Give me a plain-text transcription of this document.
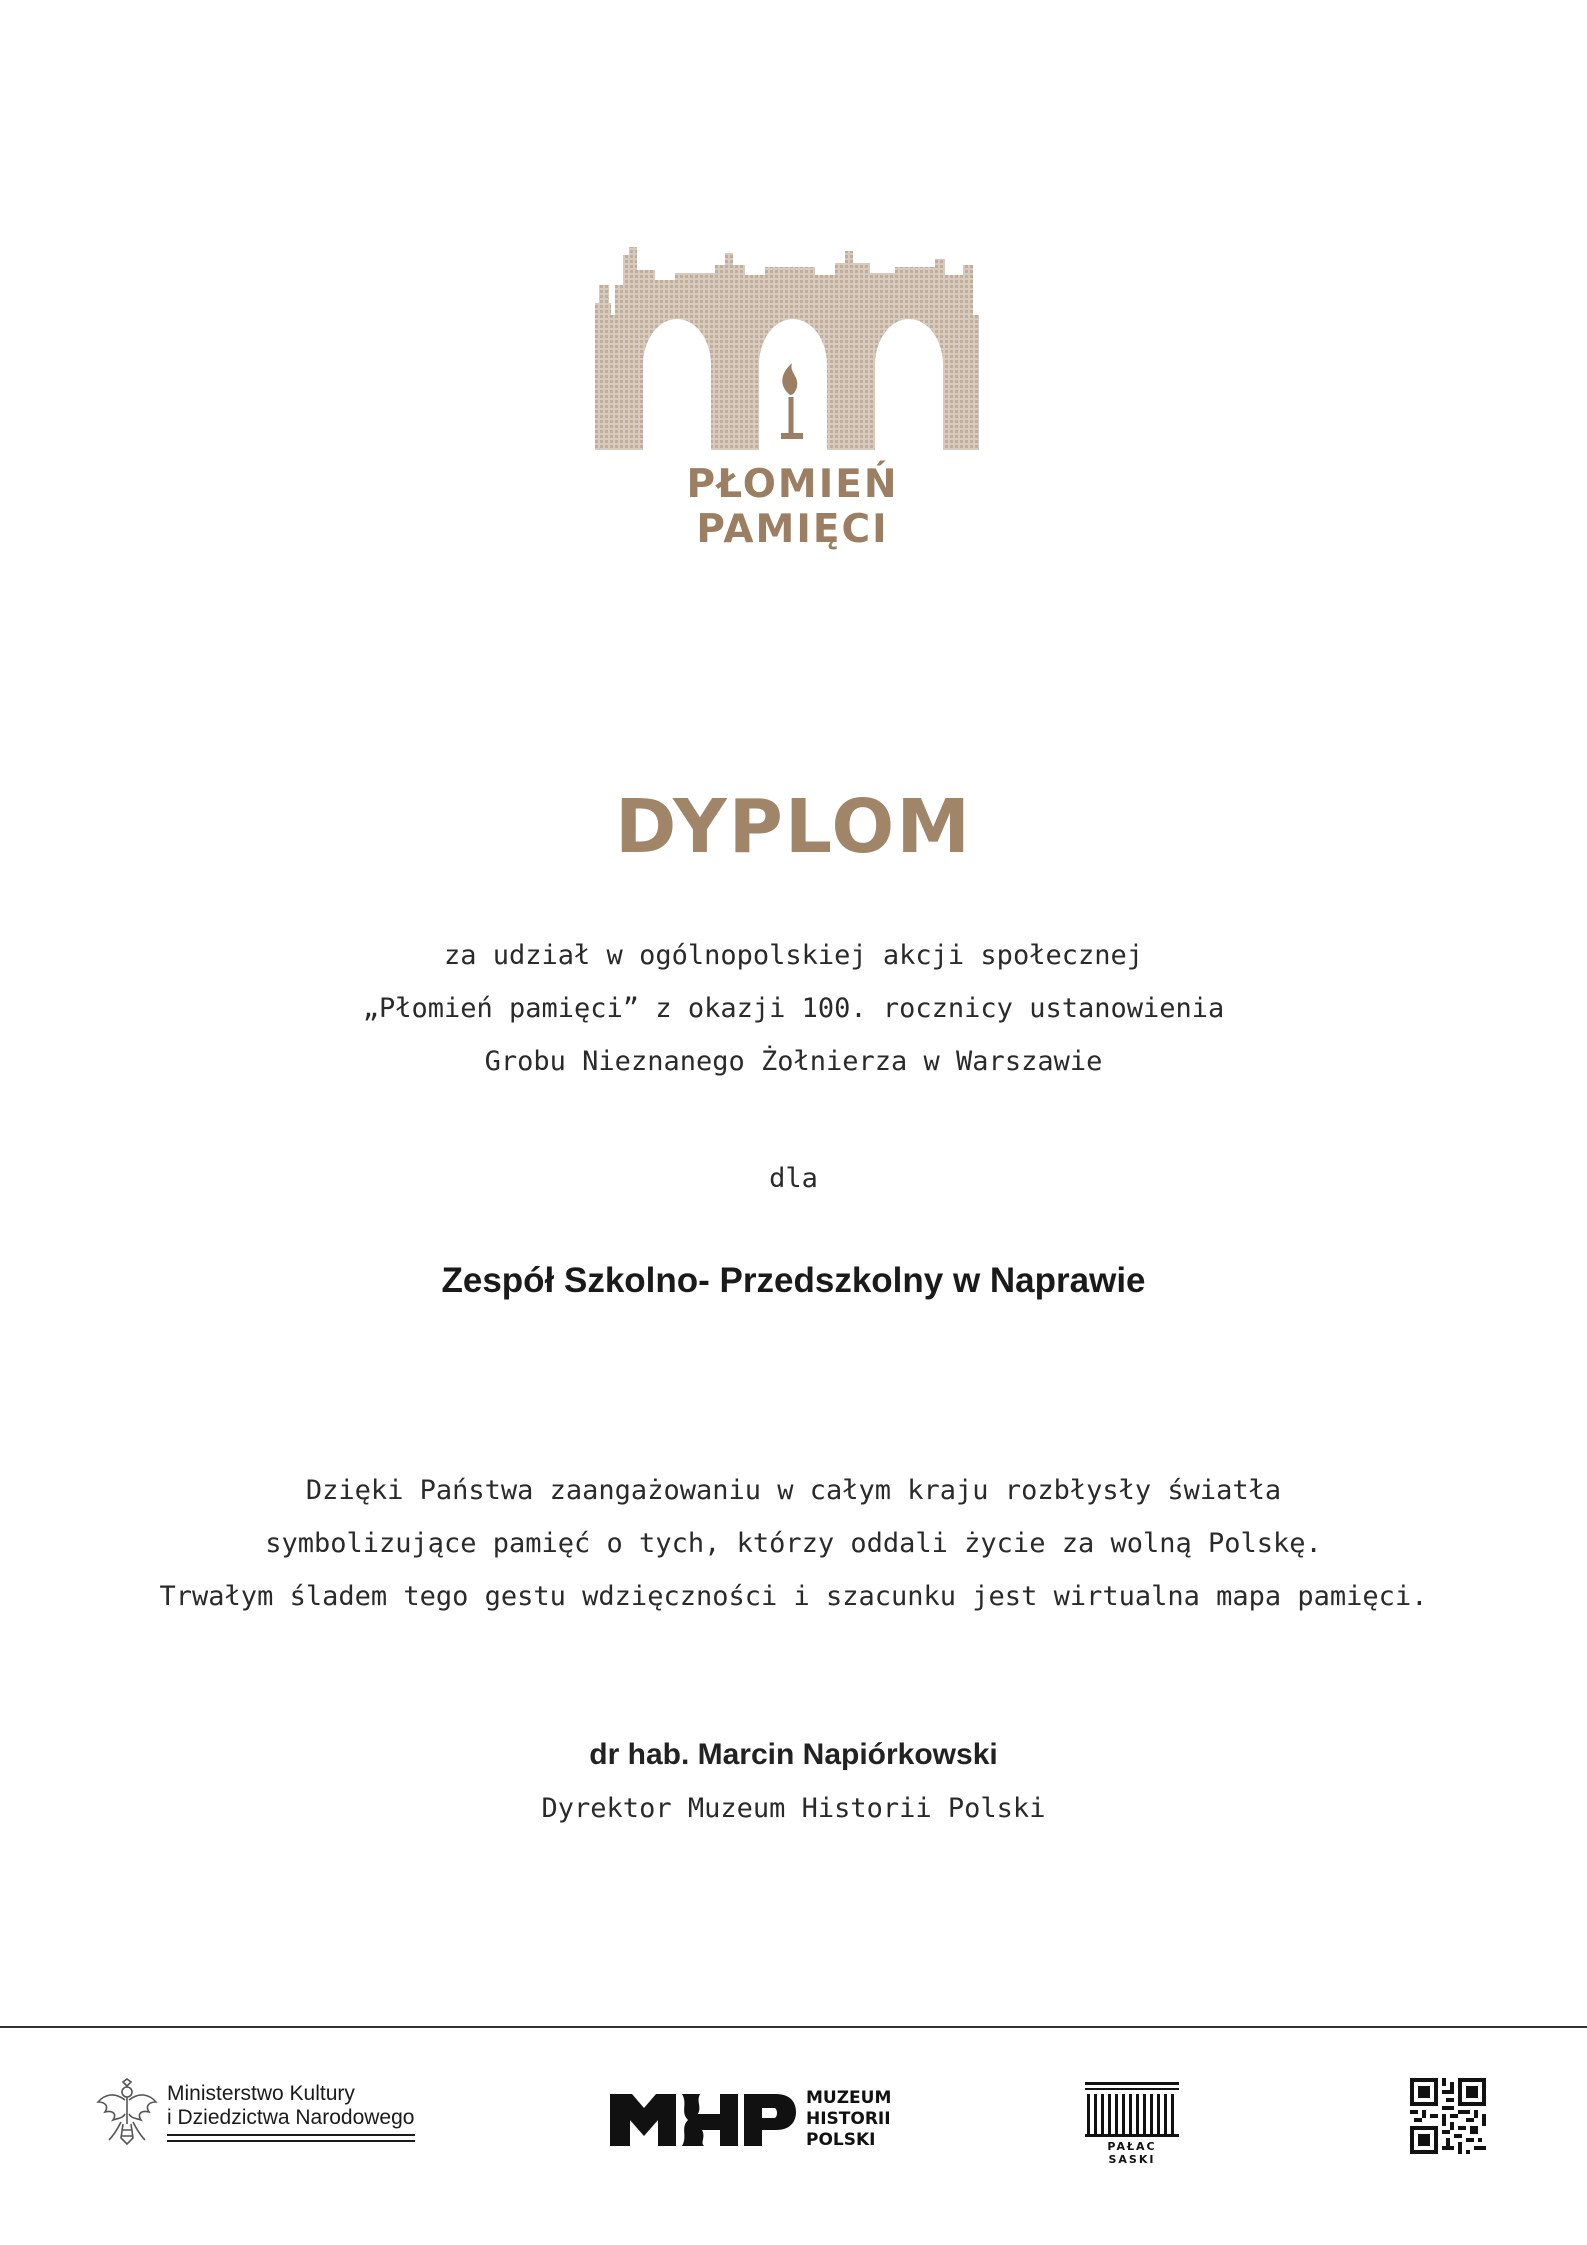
PŁOMIEŃ PAMIĘCI
DYPLOM
za udział w ogólnopolskiej akcji społecznej
„Płomień pamięci” z okazji 100. rocznicy ustanowienia
Grobu Nieznanego Żołnierza w Warszawie
dla
Zespół Szkolno- Przedszkolny w Naprawie
Dzięki Państwa zaangażowaniu w całym kraju rozbłysły światła
symbolizujące pamięć o tych, którzy oddali życie za wolną Polskę.
Trwałym śladem tego gestu wdzięczności i szacunku jest wirtualna mapa pamięci.
dr hab. Marcin Napiórkowski
Dyrektor Muzeum Historii Polski
Ministerstwo Kultury
i Dziedzictwa Narodowego
MUZEUM
HISTORII
POLSKI	PAŁAC SASKI
